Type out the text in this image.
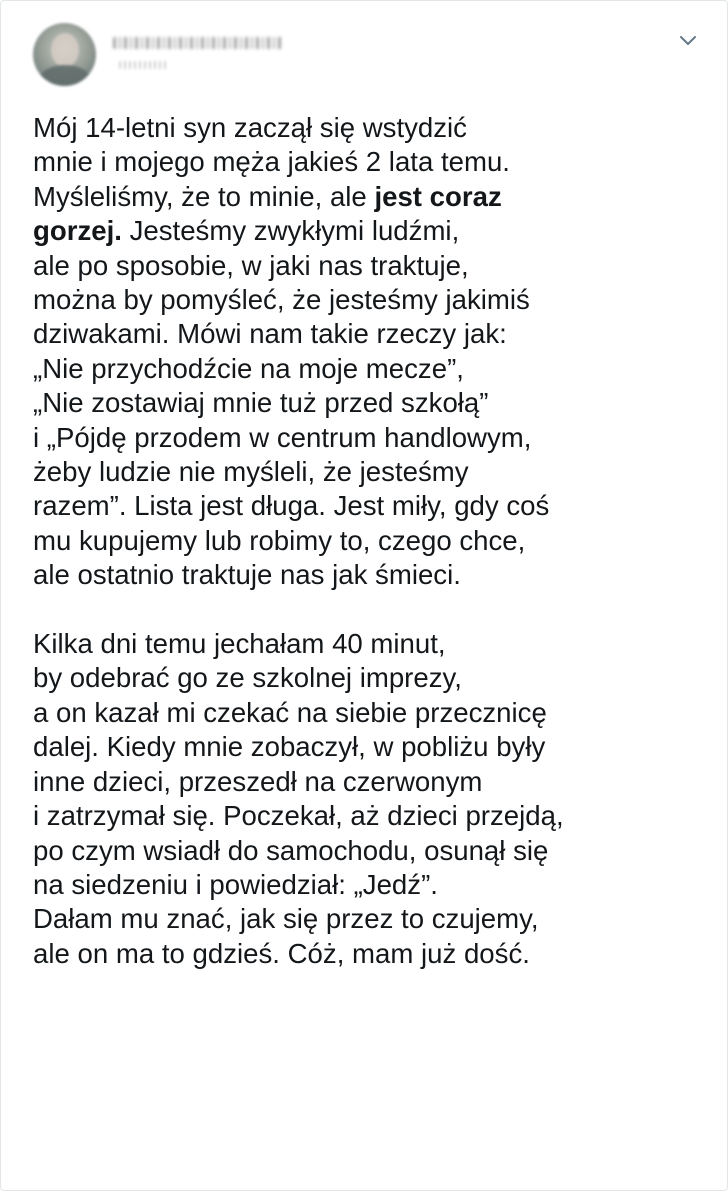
Mój 14-letni syn zaczął się wstydzić
mnie i mojego męża jakieś 2 lata temu.
Myśleliśmy, że to minie, ale jest coraz
gorzej. Jesteśmy zwykłymi ludźmi,
ale po sposobie, w jaki nas traktuje,
można by pomyśleć, że jesteśmy jakimiś
dziwakami. Mówi nam takie rzeczy jak:
„Nie przychodźcie na moje mecze”,
„Nie zostawiaj mnie tuż przed szkołą”
i „Pójdę przodem w centrum handlowym,
żeby ludzie nie myśleli, że jesteśmy
razem”. Lista jest długa. Jest miły, gdy coś
mu kupujemy lub robimy to, czego chce,
ale ostatnio traktuje nas jak śmieci.
Kilka dni temu jechałam 40 minut,
by odebrać go ze szkolnej imprezy,
a on kazał mi czekać na siebie przecznicę
dalej. Kiedy mnie zobaczył, w pobliżu były
inne dzieci, przeszedł na czerwonym
i zatrzymał się. Poczekał, aż dzieci przejdą,
po czym wsiadł do samochodu, osunął się
na siedzeniu i powiedział: „Jedź”.
Dałam mu znać, jak się przez to czujemy,
ale on ma to gdzieś. Cóż, mam już dość.
